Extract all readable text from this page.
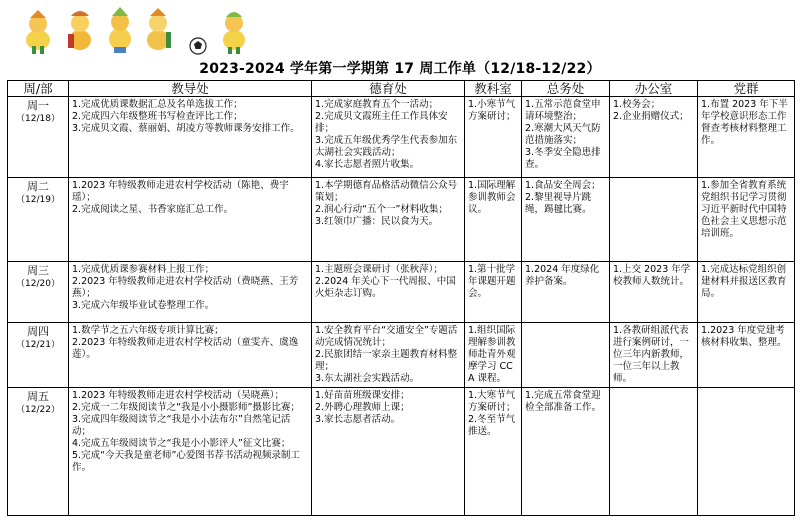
2023-2024 学年第一学期第 17 周工作单（12/18-12/22）
周/部	教导处	德育处	教科室	总务处	办公室	党群

周一
（12/18）	1.完成优质课数据汇总及名单选拔工作；
2.完成四六年级整班书写检查评比工作；
3.完成贝文霞、蔡丽娟、胡凌方等教师课务安排工作。	1.完成家庭教育五个一活动；
2.完成贝文霞班主任工作具体安排；
3.完成五年级优秀学生代表参加东太湖社会实践活动；
4.家长志愿者照片收集。	1.小寒节气方案研讨；	1.五常示范食堂申请环境整治；
2.寒潮大风天气防范措施落实；
3.冬季安全隐患排查。	1.校务会；
2.企业捐赠仪式；	1.布置 2023 年下半年学校意识形态工作督查考核材料整理工作。

周二
（12/19）	1.2023 年特级教师走进农村学校活动（陈艳、费宇瑶）；
2.完成阅读之星、书香家庭汇总工作。	1.本学期德育品格活动微信公众号策划；
2.润心行动“五个一”材料收集；
3.红领巾广播：民以食为天。	1.国际理解参训教师会议。	1.食品安全周会；
2.黎里视导片跳绳，踢毽比赛。		1.参加全省教育系统党组织书记学习贯彻习近平新时代中国特色社会主义思想示范培训班。

周三
（12/20）	1.完成优质课参赛材料上报工作；
2.2023 年特级教师走进农村学校活动（费晓燕、王芳燕）；
3.完成六年级毕业试卷整理工作。	1.主题班会课研讨（张秋萍）；
2.2024 年关心下一代周报、中国火炬杂志订购。	1.第十批学年课题开题会。	1.2024 年度绿化养护备案。	1.上交 2023 年学校教师人数统计。	1.完成达标党组织创建材料并报送区教育局。

周四
（12/21）	1.数学节之五六年级专项计算比赛；
2.2023 年特级教师走进农村学校活动（童雯卉、虞逸莲）。	1.安全教育平台“交通安全”专题活动完成情况统计；
2.民旅团结一家亲主题教育材料整理；
3.东太湖社会实践活动。	1.组织国际理解参训教师赴青外观摩学习 CCA 课程。		1.各教研组派代表进行案例研讨，一位三年内新教师，一位三年以上教师。	1.2023 年度党建考核材料收集、整理。

周五
（12/22）	1.2023 年特级教师走进农村学校活动（吴晓燕）；
2.完成一二年级阅读节之“我是小小摄影师”摄影比赛；
3.完成四年级阅读节之“我是小小法布尔”自然笔记活动；
4.完成五年级阅读节之“我是小小影评人”征文比赛；
5.完成“今天我是童老师”心爱图书荐书活动视频录制工作。	1.好苗苗班级课安排；
2.外聘心理教师上课；
3.家长志愿者活动。	1.大寒节气方案研讨；
2.冬至节气推送。	1.完成五常食堂迎检全部准备工作。		
